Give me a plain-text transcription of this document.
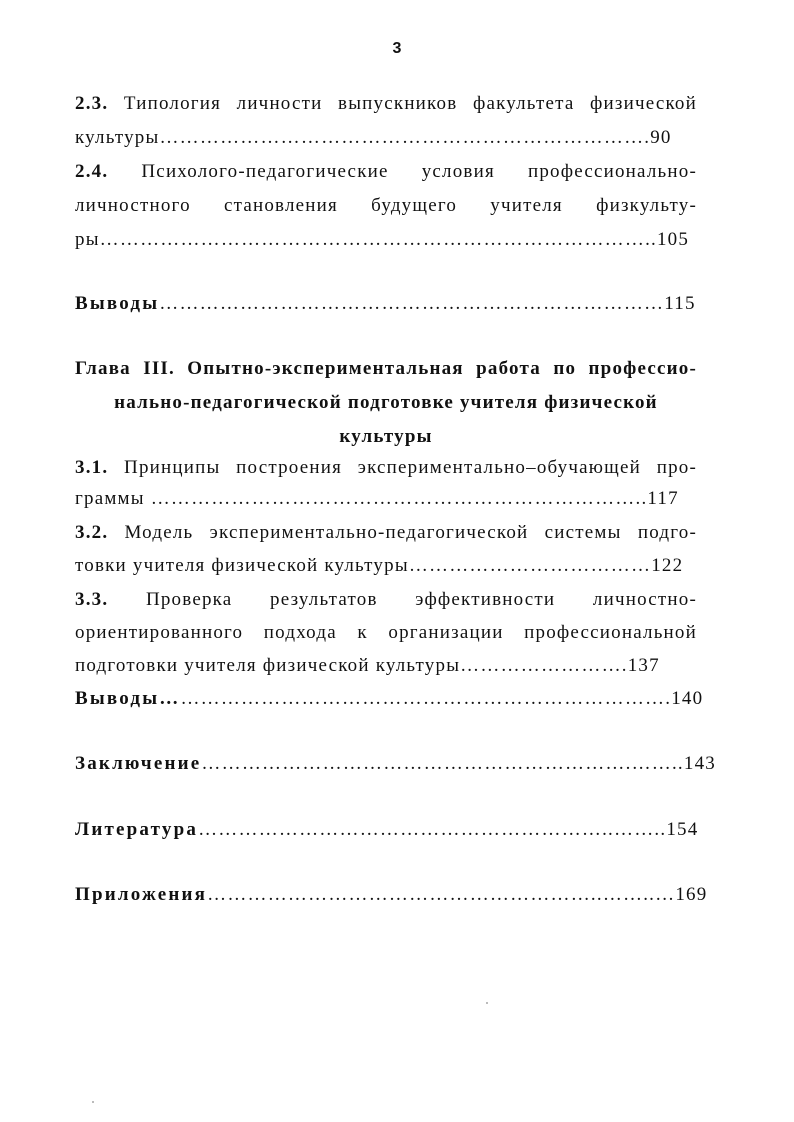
3
2.3. Типология личности выпускников факультета физической
культуры……………………………………………………………….90
2.4. Психолого-педагогические условия профессионально-
личностного становления будущего учителя физкульту-
ры………………………………………………………………………..105
Выводы…………………………………………………………………115
Глава III. Опытно-экспериментальная работа по профессио-
нально-педагогической подготовке учителя физической
культуры
3.1. Принципы построения экспериментально–обучающей про-
граммы ………………………………………………………………..117
3.2. Модель экспериментально-педагогической системы подго-
товки учителя физической культуры………………………………122
3.3. Проверка результатов эффективности личностно-
ориентированного подхода к организации профессиональной
подготовки учителя физической культуры…………………….137
Выводы………………………………………………………………….140
Заключение……………………………………………………….……..143
Литература……………………………………………………..……..154
Приложения…………………………………………………..……..…169
